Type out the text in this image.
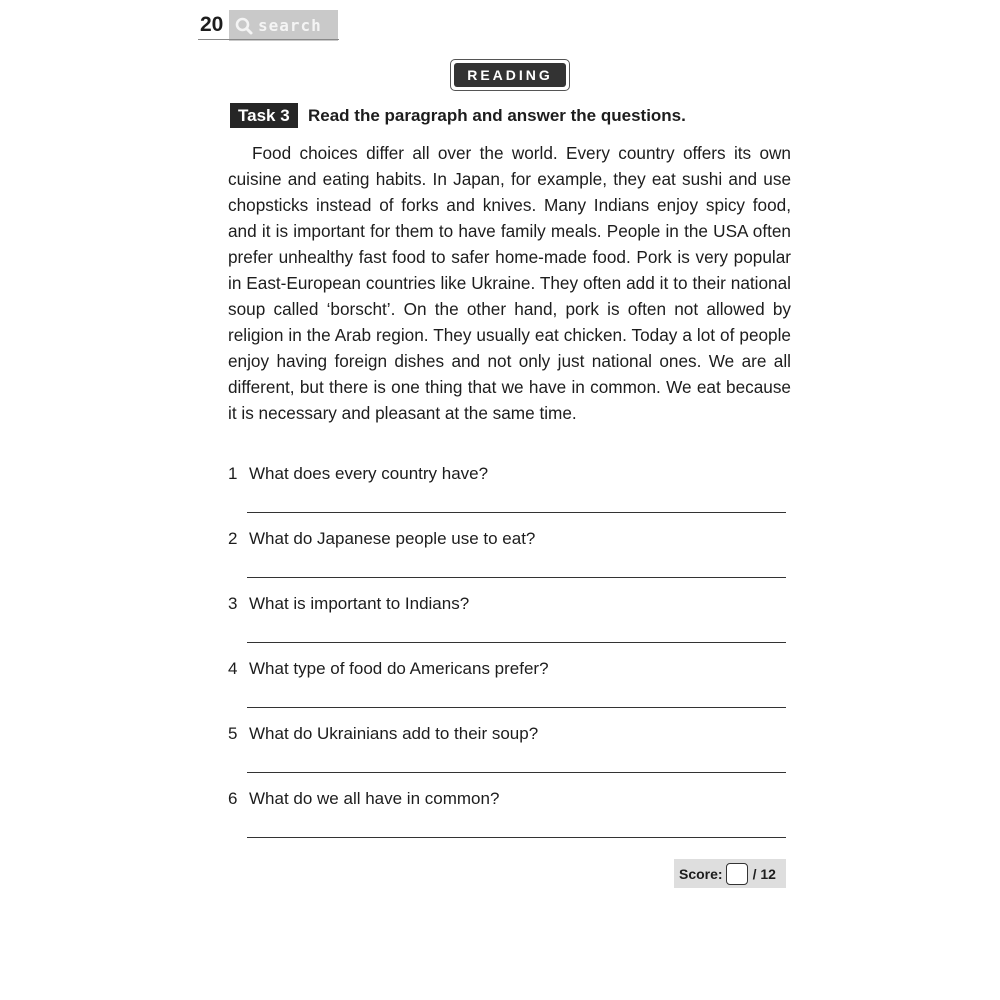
20 search
READING
Task 3	Read the paragraph and answer the questions.

Food choices differ all over the world. Every country offers its own cuisine and eating habits. In Japan, for example, they eat sushi and use chopsticks instead of forks and knives. Many Indians enjoy spicy food, and it is important for them to have family meals. People in the USA often prefer unhealthy fast food to safer home-made food. Pork is very popular in East-European countries like Ukraine. They often add it to their national soup called ‘borscht’. On the other hand, pork is often not allowed by religion in the Arab region. They usually eat chicken. Today a lot of people enjoy having foreign dishes and not only just national ones. We are all different, but there is one thing that we have in common. We eat because it is necessary and pleasant at the same time.

1 What does every country have?
2 What do Japanese people use to eat?
3 What is important to Indians?
4 What type of food do Americans prefer?
5 What do Ukrainians add to their soup?
6 What do we all have in common?
Score: / 12
